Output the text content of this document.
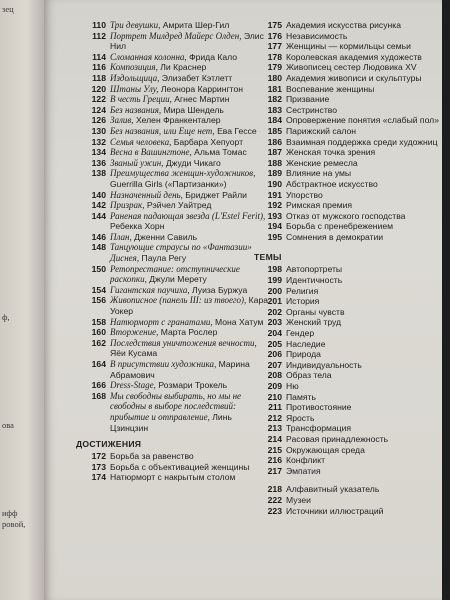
зец
ф,
ова
ифф
ровой,
110 Три девушки, Амрита Шер-Гил
112 Портрет Милдред Майерс Олден, Элис Нил
114 Сломанная колонна, Фрида Кало
116 Композиция, Ли Краснер
118 Издольщица, Элизабет Кэтлетт
120 Штаны Улу, Леонора Каррингтон
122 В честь Греции, Агнес Мартин
124 Без названия, Мира Шендель
126 Залив, Хелен Франкенталер
130 Без названия, или Еще нет, Ева Гессе
132 Семья человека, Барбара Хепуорт
134 Весна в Вашингтоне, Альма Томас
136 Званый ужин, Джуди Чикаго
138 Преимущества женщин-художников, Guerrilla Girls («Партизанки»)
140 Назначенный день, Бриджет Райли
142 Призрак, Рэйчел Уайтред
144 Раненая падающая звезда (L'Estel Ferit), Ребекка Хорн
146 План, Дженни Савиль
148 Танцующие страусы по «Фантазии» Диснея, Паула Регу
150 Ретопрестание: отступнические раскопки, Джули Мерету
154 Гигантская паучиха, Луиза Буржуа
156 Живописное (панель III: из твоего), Кара Уокер
158 Натюрморт с гранатами, Мона Хатум
160 Вторжение, Марта Рослер
162 Последствия уничтожения вечности, Яёи Кусама
164 В присутствии художника, Марина Абрамович
166 Dress-Stage, Розмари Трокель
168 Мы свободны выбирать, но мы не свободны в выборе последствий: прибытие и отправление, Линь Цзинцзин
ДОСТИЖЕНИЯ
172 Борьба за равенство
173 Борьба с объективацией женщины
174 Натюрморт с накрытым столом
175 Академия искусства рисунка
176 Независимость
177 Женщины — кормильцы семьи
178 Королевская академия художеств
179 Живописец сестер Людовика XV
180 Академия живописи и скульптуры
181 Воспевание женщины
182 Призвание
183 Сестринство
184 Опровержение понятия «слабый пол»
185 Парижский салон
186 Взаимная поддержка среди художниц
187 Женская точка зрения
188 Женские ремесла
189 Влияние на умы
190 Абстрактное искусство
191 Упорство
192 Римская премия
193 Отказ от мужского господства
194 Борьба с пренебрежением
195 Сомнения в демократии
ТЕМЫ
198 Автопортреты
199 Идентичность
200 Религия
201 История
202 Органы чувств
203 Женский труд
204 Гендер
205 Наследие
206 Природа
207 Индивидуальность
208 Образ тела
209 Ню
210 Память
211 Противостояние
212 Ярость
213 Трансформация
214 Расовая принадлежность
215 Окружающая среда
216 Конфликт
217 Эмпатия
218 Алфавитный указатель
222 Музеи
223 Источники иллюстраций
